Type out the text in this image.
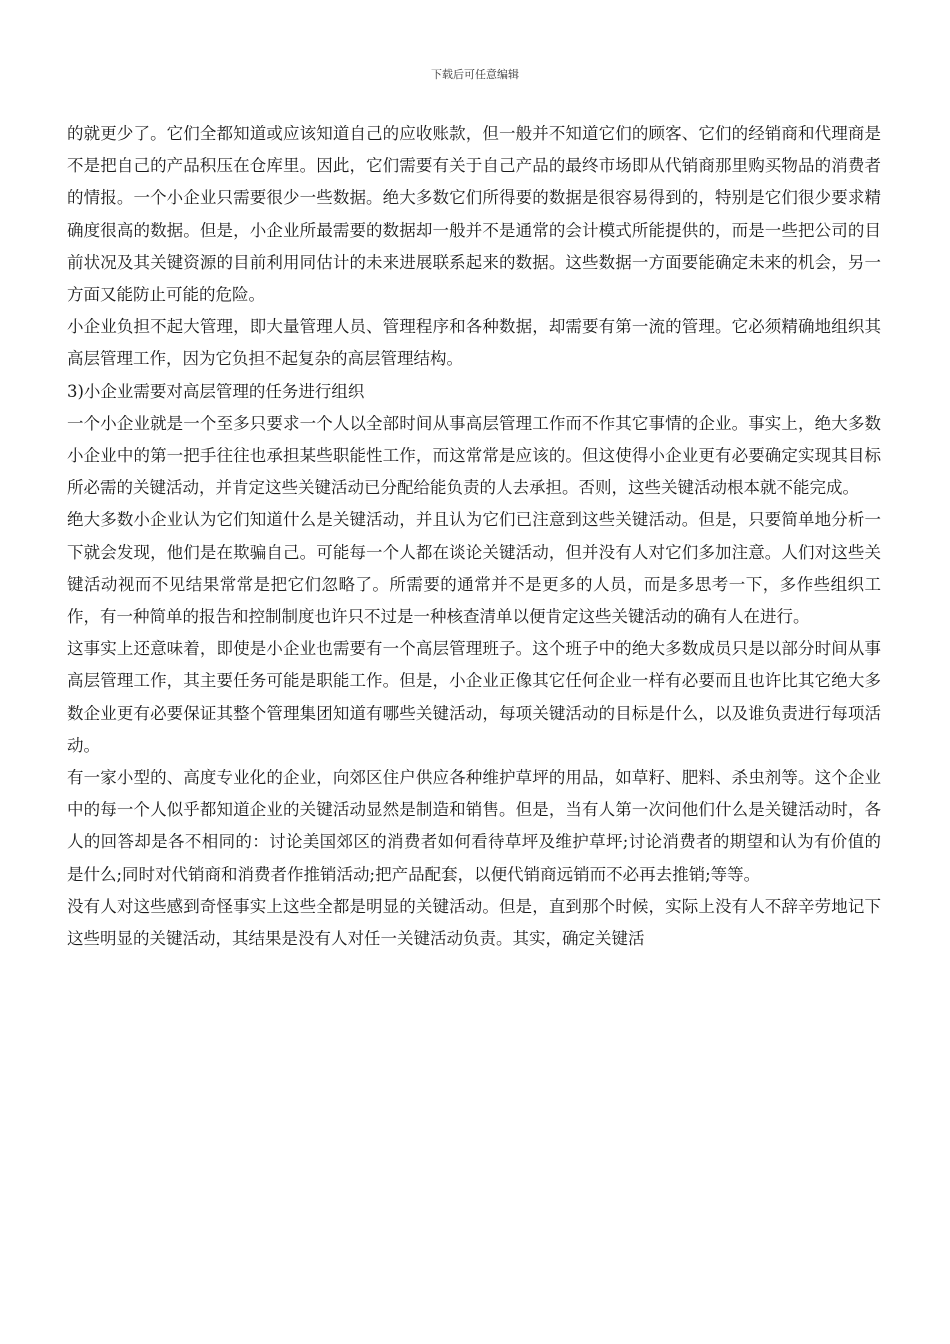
下载后可任意编辑

的就更少了。它们全都知道或应该知道自己的应收账款，但一般并不知道它们的顾客、它们的经销商和代理商是不是把自己的产品积压在仓库里。因此，它们需要有关于自己产品的最终市场即从代销商那里购买物品的消费者的情报。一个小企业只需要很少一些数据。绝大多数它们所得要的数据是很容易得到的，特别是它们很少要求精确度很高的数据。但是，小企业所最需要的数据却一般并不是通常的会计模式所能提供的，而是一些把公司的目前状况及其关键资源的目前利用同估计的未来进展联系起来的数据。这些数据一方面要能确定未来的机会，另一方面又能防止可能的危险。

小企业负担不起大管理，即大量管理人员、管理程序和各种数据，却需要有第一流的管理。它必须精确地组织其高层管理工作，因为它负担不起复杂的高层管理结构。

3)小企业需要对高层管理的任务进行组织

一个小企业就是一个至多只要求一个人以全部时间从事高层管理工作而不作其它事情的企业。事实上，绝大多数小企业中的第一把手往往也承担某些职能性工作，而这常常是应该的。但这使得小企业更有必要确定实现其目标所必需的关键活动，并肯定这些关键活动已分配给能负责的人去承担。否则，这些关键活动根本就不能完成。

绝大多数小企业认为它们知道什么是关键活动，并且认为它们已注意到这些关键活动。但是，只要简单地分析一下就会发现，他们是在欺骗自己。可能每一个人都在谈论关键活动，但并没有人对它们多加注意。人们对这些关键活动视而不见结果常常是把它们忽略了。所需要的通常并不是更多的人员，而是多思考一下，多作些组织工作，有一种简单的报告和控制制度也许只不过是一种核查清单以便肯定这些关键活动的确有人在进行。

这事实上还意味着，即使是小企业也需要有一个高层管理班子。这个班子中的绝大多数成员只是以部分时间从事高层管理工作，其主要任务可能是职能工作。但是，小企业正像其它任何企业一样有必要而且也许比其它绝大多数企业更有必要保证其整个管理集团知道有哪些关键活动，每项关键活动的目标是什么，以及谁负责进行每项活动。

有一家小型的、高度专业化的企业，向郊区住户供应各种维护草坪的用品，如草籽、肥料、杀虫剂等。这个企业中的每一个人似乎都知道企业的关键活动显然是制造和销售。但是，当有人第一次问他们什么是关键活动时，各人的回答却是各不相同的：讨论美国郊区的消费者如何看待草坪及维护草坪;讨论消费者的期望和认为有价值的是什么;同时对代销商和消费者作推销活动;把产品配套，以便代销商远销而不必再去推销;等等。

没有人对这些感到奇怪事实上这些全都是明显的关键活动。但是，直到那个时候，实际上没有人不辞辛劳地记下这些明显的关键活动，其结果是没有人对任一关键活动负责。其实，确定关键活
